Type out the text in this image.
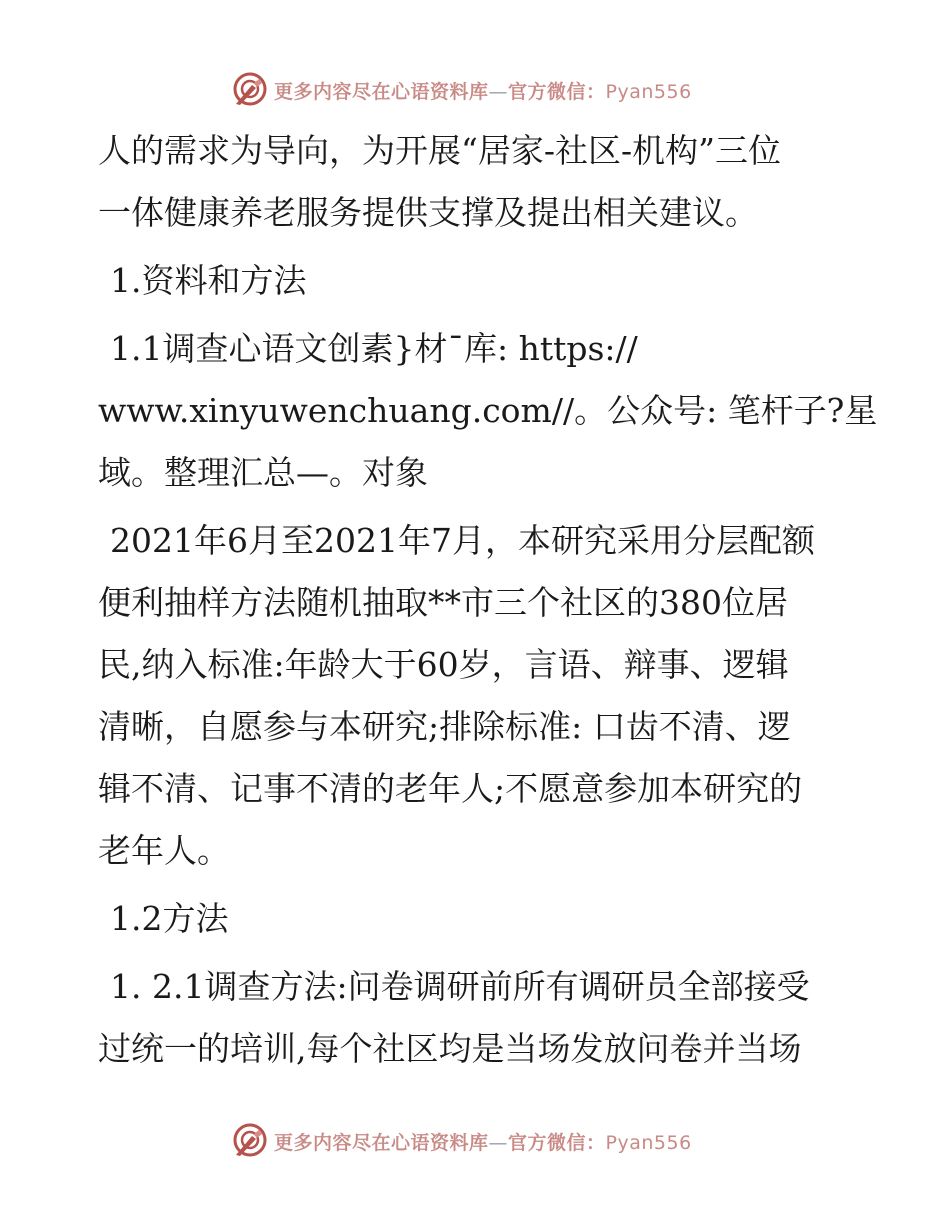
更多内容尽在心语资料库—官方微信：Pyan556

人的需求为导向，为开展“居家-社区-机构”三位
一体健康养老服务提供支撑及提出相关建议。

1.资料和方法

1.1调查心语文创素}材¯库: https://
www.xinyuwenchuang.com//。公众号: 笔杆子?星
域。整理汇总—。对象

2021年6月至2021年7月，本研究采用分层配额
便利抽样方法随机抽取**市三个社区的380位居
民,纳入标准:年龄大于60岁，言语、辩事、逻辑
清晰，自愿参与本研究;排除标准: 口齿不清、逻
辑不清、记事不清的老年人;不愿意参加本研究的
老年人。

1.2方法

1. 2.1调查方法:问卷调研前所有调研员全部接受
过统一的培训,每个社区均是当场发放问卷并当场

更多内容尽在心语资料库—官方微信：Pyan556
